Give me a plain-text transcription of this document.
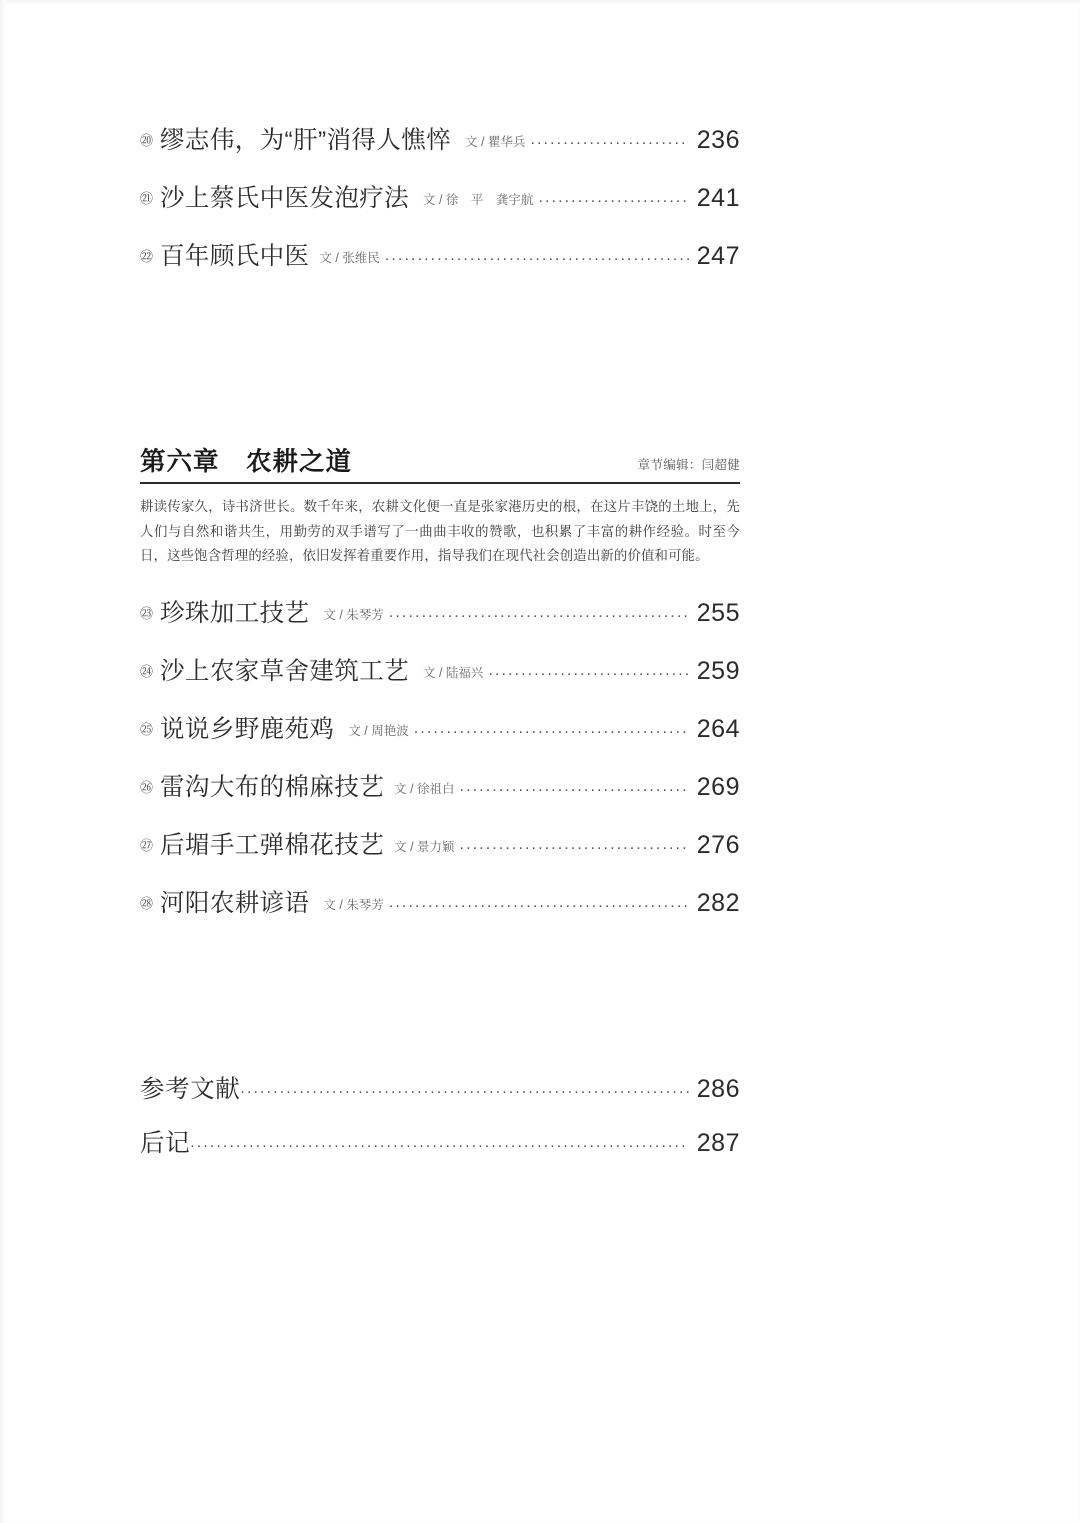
⑳ 缪志伟，为“肝”消得人憔悴 文 / 瞿华兵 .....	236
㉑ 沙上蔡氏中医发泡疗法 文 / 徐　平　龚宇航 .....	241
㉒ 百年顾氏中医 文 / 张维民 .....	247
第六章　农耕之道	章节编辑：闫超健
耕读传家久，诗书济世长。数千年来，农耕文化便一直是张家港历史的根，在这片丰饶的土地上，先人们与自然和谐共生，用勤劳的双手谱写了一曲曲丰收的赞歌，也积累了丰富的耕作经验。时至今日，这些饱含哲理的经验，依旧发挥着重要作用，指导我们在现代社会创造出新的价值和可能。
㉓ 珍珠加工技艺 文 / 朱琴芳 .....	255
㉔ 沙上农家草舍建筑工艺 文 / 陆福兴 .....	259
㉕ 说说乡野鹿苑鸡 文 / 周艳波 .....	264
㉖ 雷沟大布的棉麻技艺 文 / 徐祖白 .....	269
㉗ 后堳手工弹棉花技艺 文 / 景力颖 .....	276
㉘ 河阳农耕谚语 文 / 朱琴芳 .....	282
参考文献 .....	286
后记 .....	287
